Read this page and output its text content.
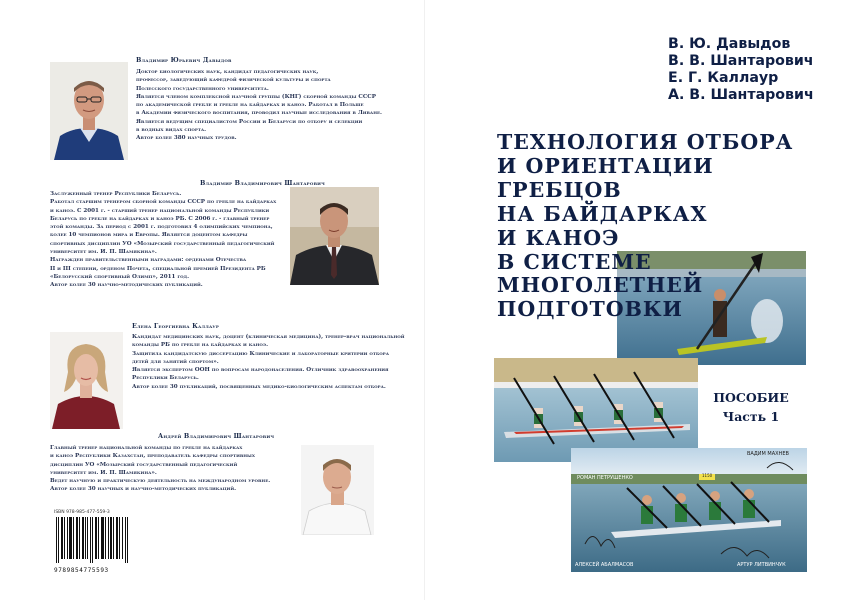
Владимир Юрьевич Давыдов
Доктор биологических наук, кандидат педагогических наук,
профессор, заведующий кафедрой физической культуры и спорта
Полесского государственного университета.
Является членом комплексной научной группы (КНГ) сборной команды СССР
по академической гребле и гребле на байдарках и каноэ. Работал в Польше
в Академии физического воспитания, проводил научные исследования в Ливане.
Является ведущим специалистом России и Беларуси по отбору и селекции
в водных видах спорта.
Автор более 380 научных трудов.
Владимир Владимирович Шантарович
Заслуженный тренер Республики Беларусь.
Работал старшим тренером сборной команды СССР по гребле на байдарках
и каноэ. С 2001 г. - старший тренер национальной команды Республики
Беларусь по гребле на байдарках и каноэ РБ. С 2006 г. - главный тренер
этой команды. За период с 2001 г. подготовил 4 олимпийских чемпиона,
более 10 чемпионов мира и Европы. Является доцентом кафедры
спортивных дисциплин УО «Мозырский государственный педагогический
университет им. И. П. Шамякина».
Награжден правительственными наградами: орденами Отечества
II и III степени, орденом Почета, специальной премией Президента РБ
«Белорусский спортивный Олимп», 2011 год.
Автор более 30 научно-методических публикаций.
Елена Георгиевна Каллаур
Кандидат медицинских наук, доцент (клиническая медицина), тренер-врач национальной
команды РБ по гребле на байдарках и каноэ.
Защитила кандидатскую диссертацию Клинические и лабораторные критерии отбора
детей для занятий спортом».
Является экспертом ООН по вопросам народонаселения. Отличник здравоохранения
Республики Беларусь.
Автор более 30 публикаций, посвященных медико-биологическим аспектам отбора.
Андрей Владимирович Шантарович
Главный тренер национальной команды по гребле на байдарках
и каноэ Республики Казахстан, преподаватель кафедры спортивных
дисциплин УО «Мозырский государственный педагогический
университет им. И. П. Шамякина».
Ведет научную и практическую деятельность на международном уровне.
Автор более 30 научных и научно-методических публикаций.
ISBN 978-985-477-559-3
9789854775593
В. Ю. Давыдов
В. В. Шантарович
Е. Г. Каллаур
А. В. Шантарович
ТЕХНОЛОГИЯ ОТБОРА
И ОРИЕНТАЦИИ
ГРЕБЦОВ
НА БАЙДАРКАХ
И КАНОЭ
В СИСТЕМЕ
МНОГОЛЕТНЕЙ
ПОДГОТОВКИ
ПОСОБИЕ
Часть 1
1150
ВАДИМ МАХНЕВ
РОМАН ПЕТРУШЕНКО
АЛЕКСЕЙ АБАЛМАСОВ	АРТУР ЛИТВИНЧУК
